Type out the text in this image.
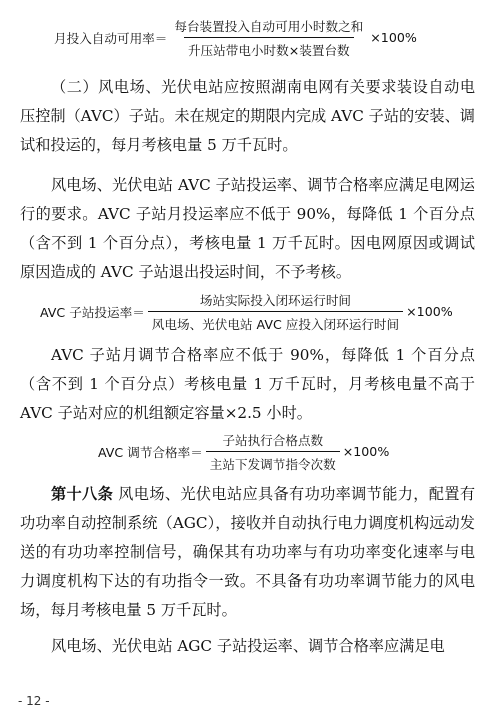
月投入自动可用率＝ $\frac{\text{每台装置投入自动可用小时数之和}}{\text{升压站带电小时数×装置台数}} \times 100\%$

（二）风电场、光伏电站应按照湖南电网有关要求装设自动电压控制（AVC）子站。未在规定的期限内完成 AVC 子站的安装、调试和投运的，每月考核电量 5 万千瓦时。

风电场、光伏电站 AVC 子站投运率、调节合格率应满足电网运行的要求。AVC 子站月投运率应不低于 90%，每降低 1 个百分点（含不到 1 个百分点），考核电量 1 万千瓦时。因电网原因或调试原因造成的 AVC 子站退出投运时间，不予考核。

AVC 子站投运率＝ $\frac{\text{场站实际投入闭环运行时间}}{\text{风电场、光伏电站 AVC 应投入闭环运行时间}} \times 100\%$

AVC 子站月调节合格率应不低于 90%，每降低 1 个百分点（含不到 1 个百分点）考核电量 1 万千瓦时，月考核电量不高于 AVC 子站对应的机组额定容量×2.5 小时。

AVC 调节合格率＝ $\frac{\text{子站执行合格点数}}{\text{主站下发调节指令次数}} \times 100\%$

第十八条 风电场、光伏电站应具备有功功率调节能力，配置有功功率自动控制系统（AGC），接收并自动执行电力调度机构远动发送的有功功率控制信号，确保其有功功率与有功功率变化速率与电力调度机构下达的有功指令一致。不具备有功功率调节能力的风电场，每月考核电量 5 万千瓦时。

风电场、光伏电站 AGC 子站投运率、调节合格率应满足电

- 12 -
